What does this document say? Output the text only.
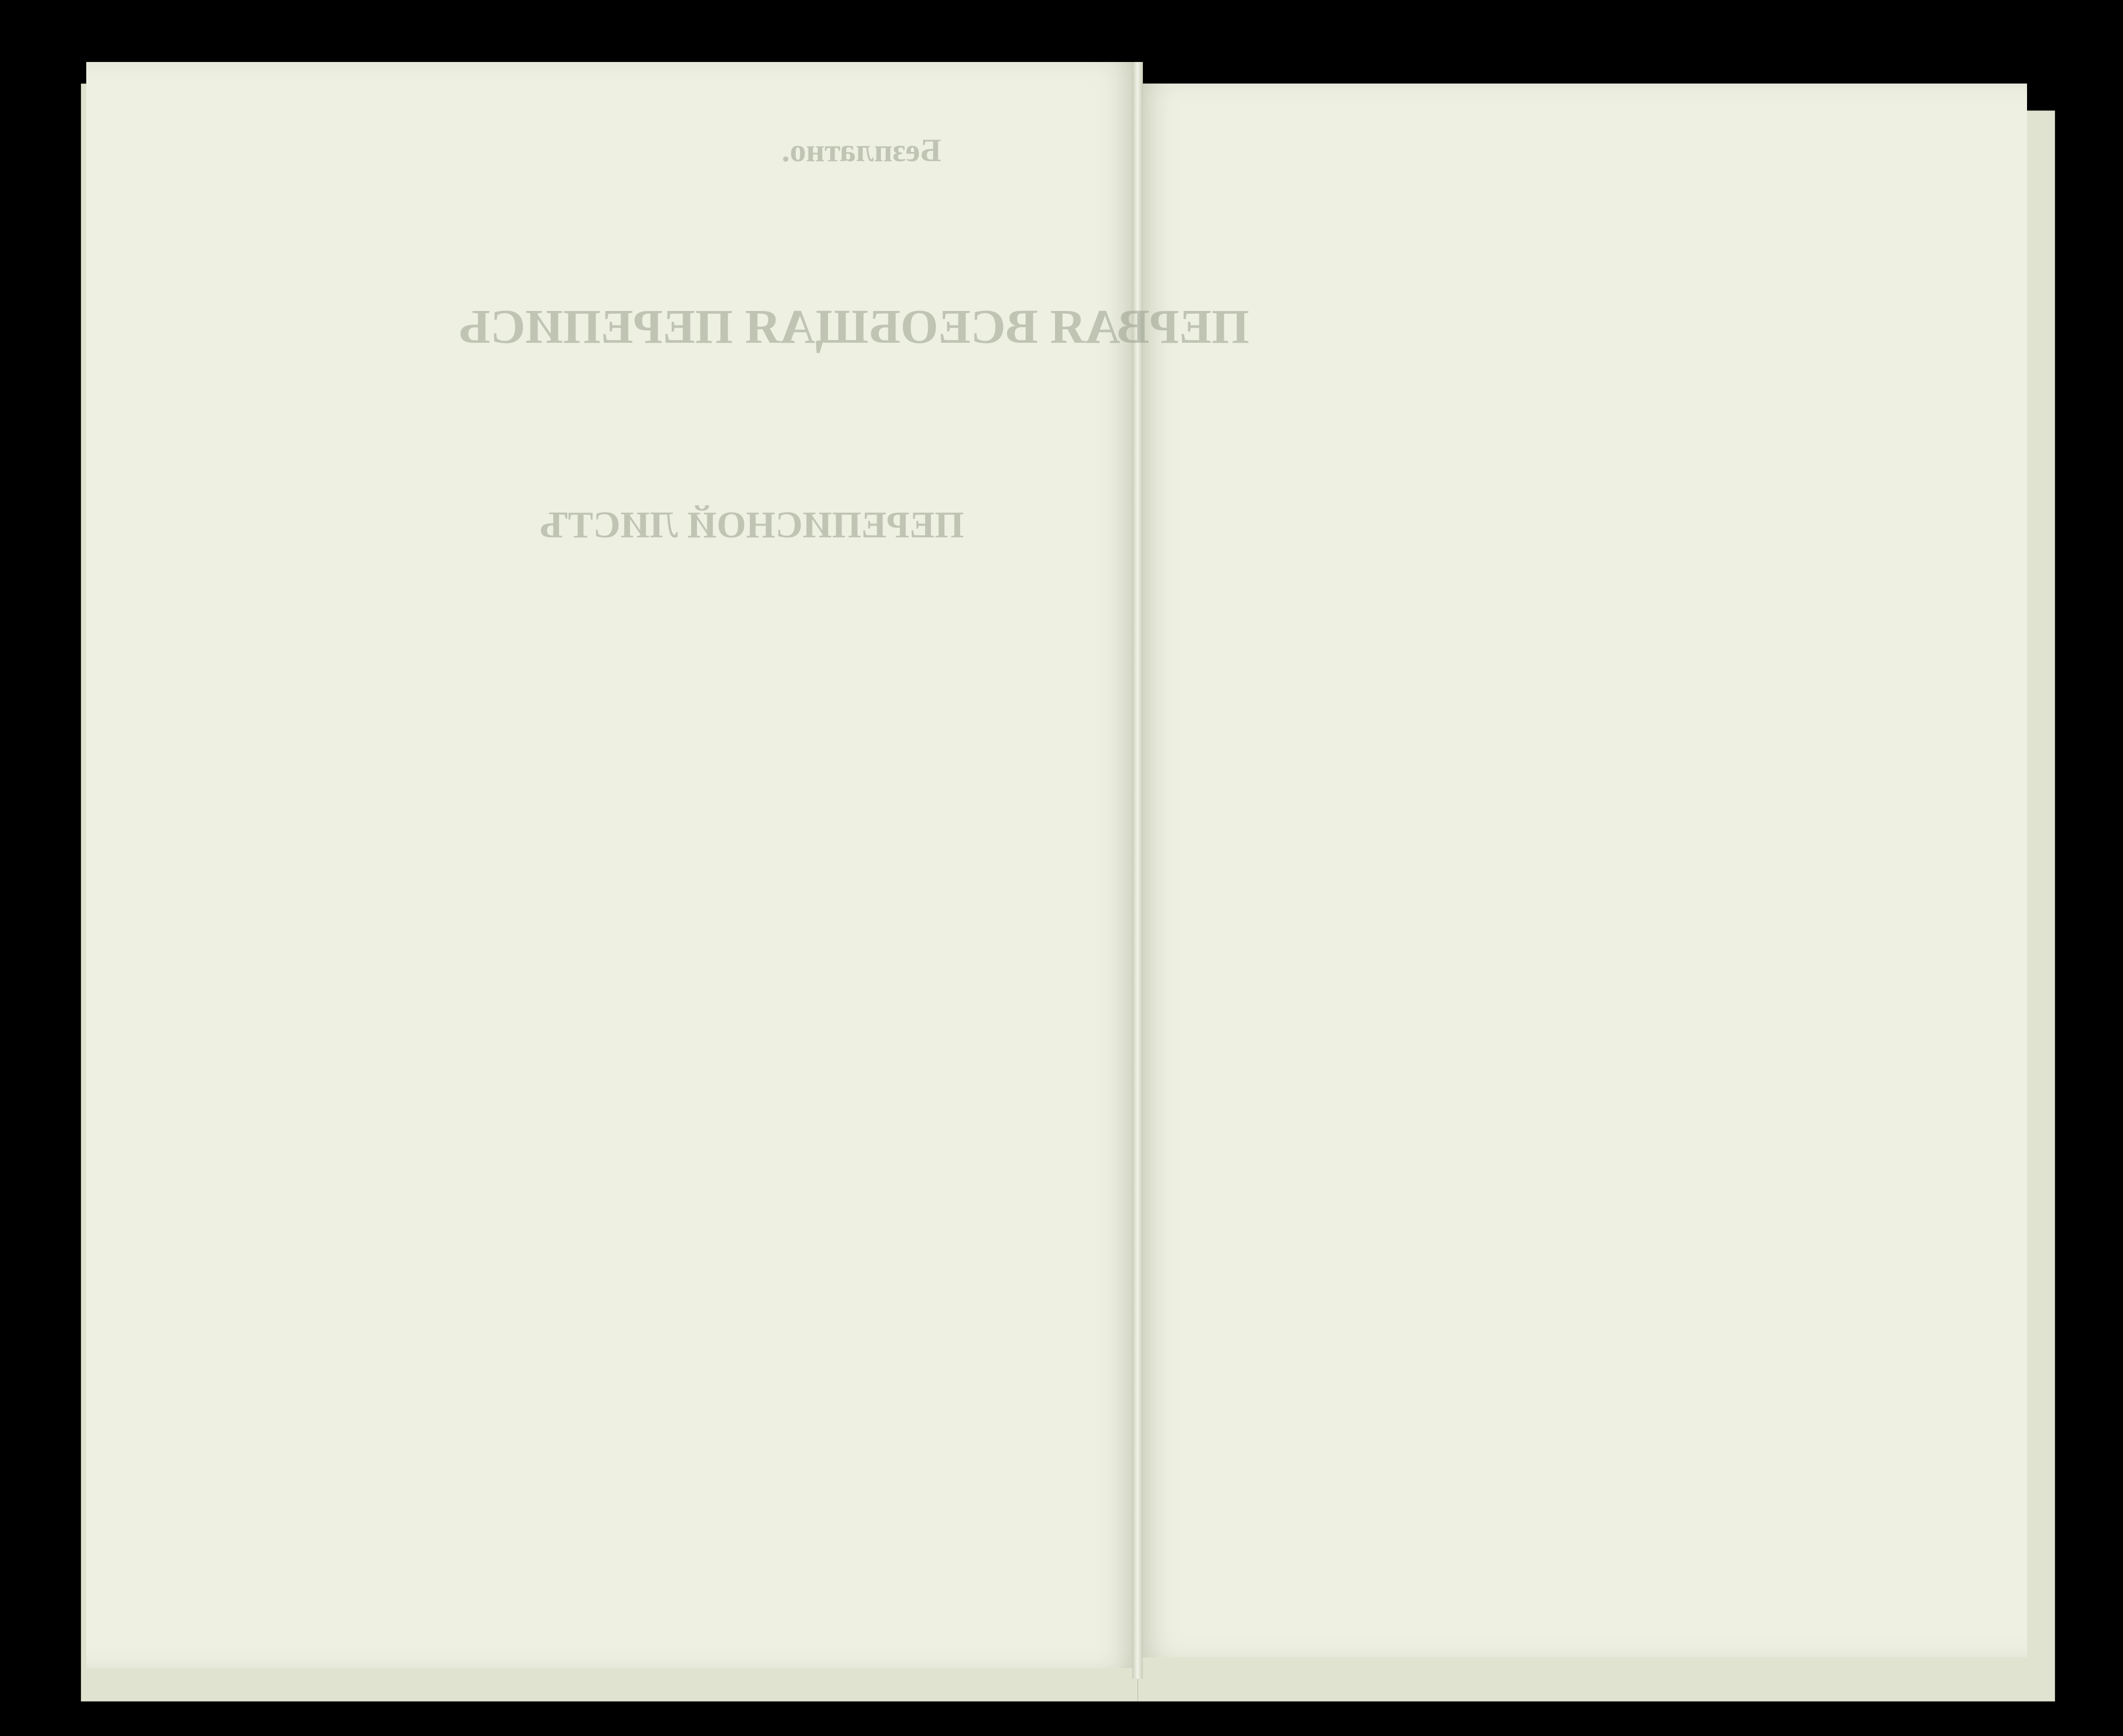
Безплатно.
ПЕРВАЯ ВСЕОБЩАЯ ПЕРЕПИСЬ
ПЕРЕПИСНОЙ ЛИСТЪ
